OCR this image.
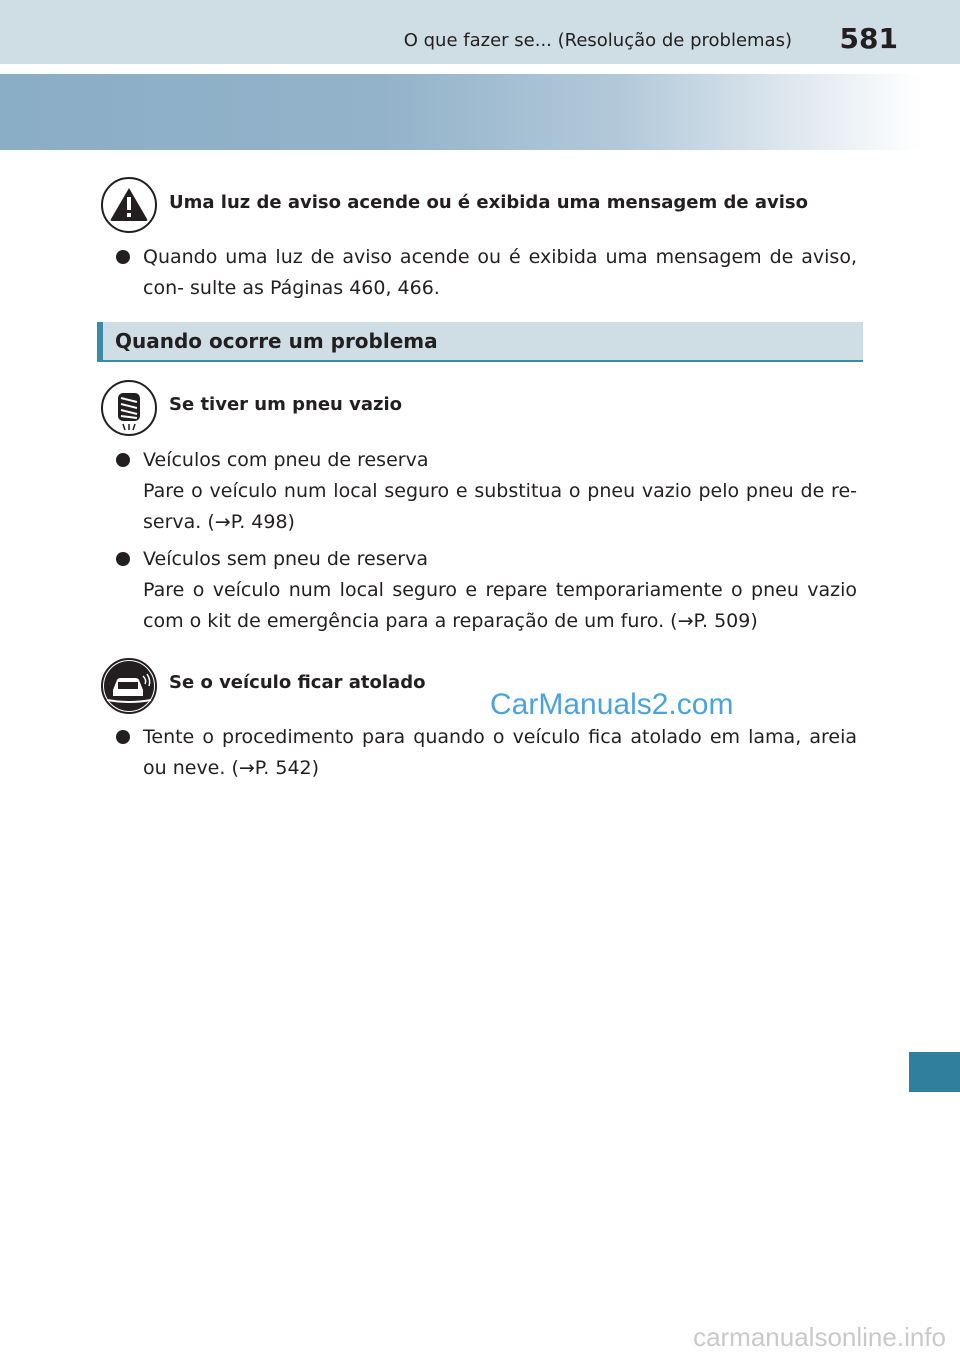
O que fazer se... (Resolução de problemas) 581
Uma luz de aviso acende ou é exibida uma mensagem de aviso
Quando uma luz de aviso acende ou é exibida uma mensagem de aviso, con- sulte as Páginas 460, 466.
Quando ocorre um problema
Se tiver um pneu vazio
Veículos com pneu de reserva
Pare o veículo num local seguro e substitua o pneu vazio pelo pneu de re- serva. (→P. 498)
Veículos sem pneu de reserva
Pare o veículo num local seguro e repare temporariamente o pneu vazio com o kit de emergência para a reparação de um furo. (→P. 509)
Se o veículo ficar atolado
CarManuals2.com
Tente o procedimento para quando o veículo fica atolado em lama, areia ou neve. (→P. 542)
carmanualsonline.info
